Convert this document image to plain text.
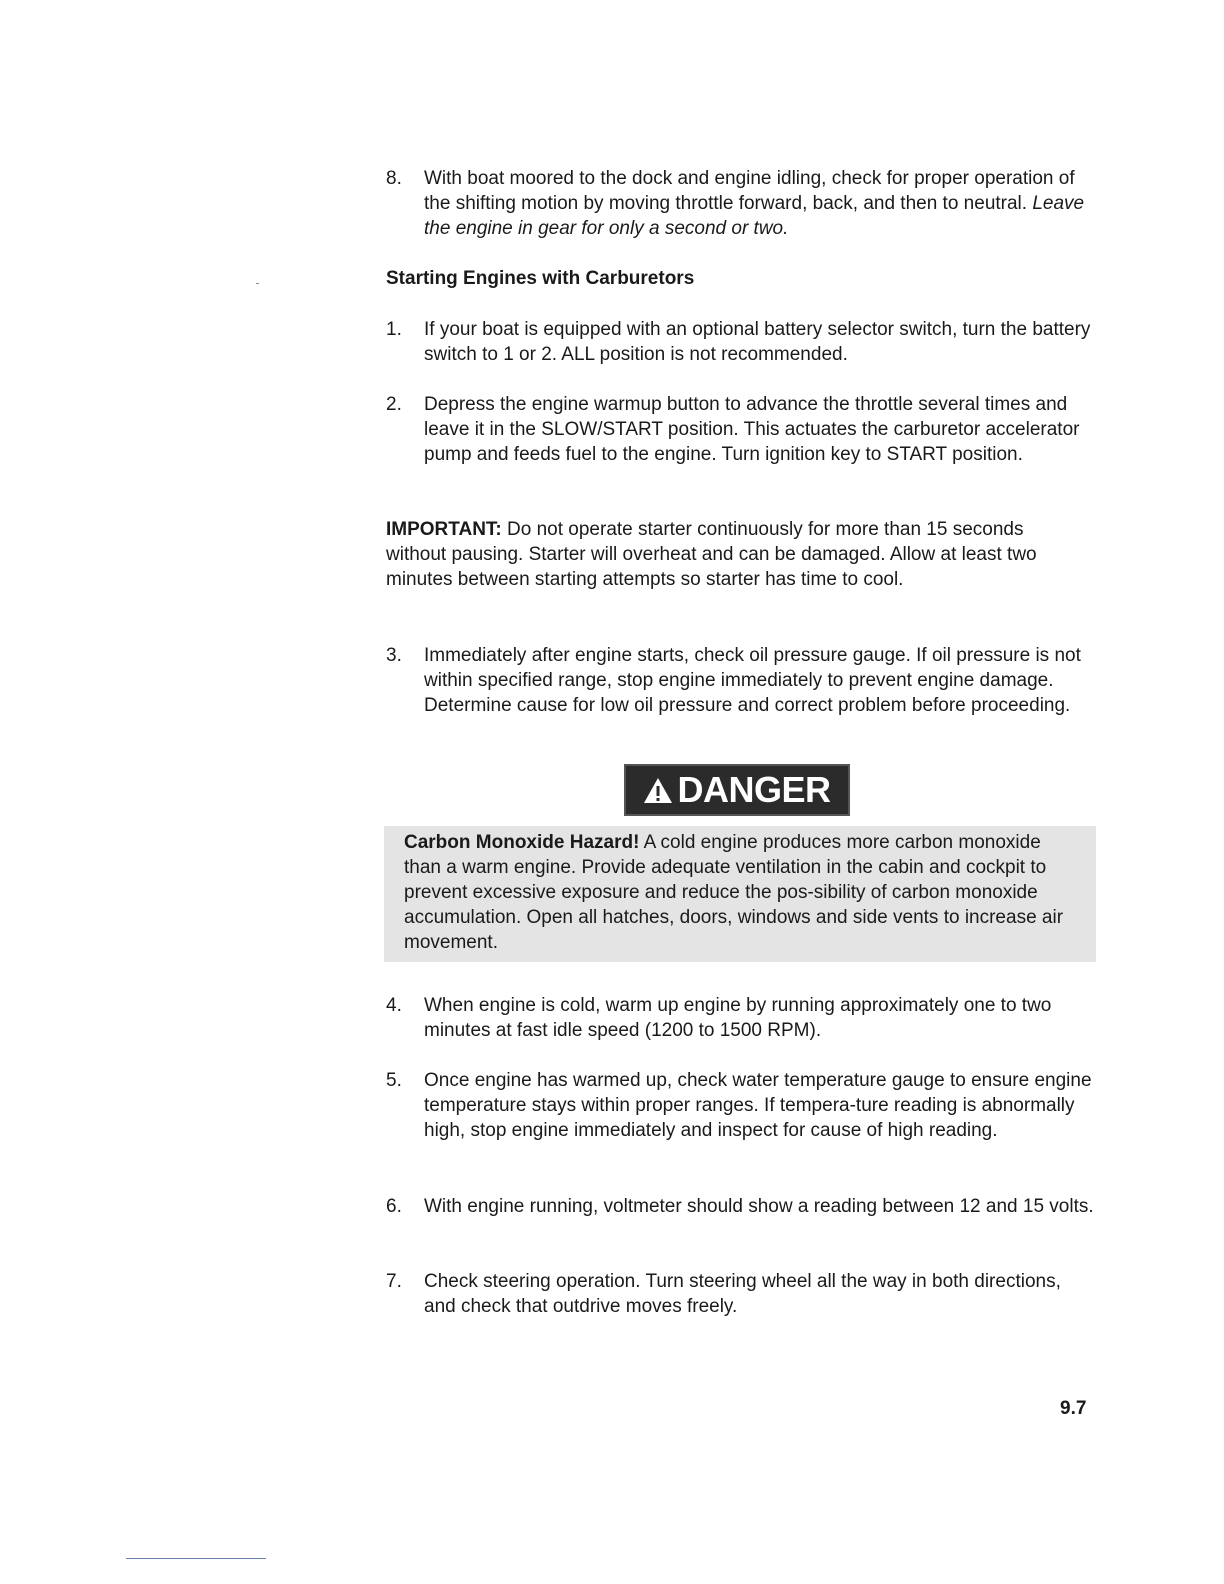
8.	With boat moored to the dock and engine idling, check for proper operation of the shifting motion by moving throttle forward, back, and then to neutral. Leave the engine in gear for only a second or two.
Starting Engines with Carburetors
1.	If your boat is equipped with an optional battery selector switch, turn the battery switch to 1 or 2. ALL position is not recommended.
2.	Depress the engine warmup button to advance the throttle several times and leave it in the SLOW/START position. This actuates the carburetor accelerator pump and feeds fuel to the engine. Turn ignition key to START position.
IMPORTANT: Do not operate starter continuously for more than 15 seconds without pausing. Starter will overheat and can be damaged. Allow at least two minutes between starting attempts so starter has time to cool.
3.	Immediately after engine starts, check oil pressure gauge. If oil pressure is not within specified range, stop engine immediately to prevent engine damage. Determine cause for low oil pressure and correct problem before proceeding.
DANGER
Carbon Monoxide Hazard! A cold engine produces more carbon monoxide than a warm engine. Provide adequate ventilation in the cabin and cockpit to prevent excessive exposure and reduce the pos-sibility of carbon monoxide accumulation. Open all hatches, doors, windows and side vents to increase air movement.
4.	When engine is cold, warm up engine by running approximately one to two minutes at fast idle speed (1200 to 1500 RPM).
5.	Once engine has warmed up, check water temperature gauge to ensure engine temperature stays within proper ranges. If tempera-ture reading is abnormally high, stop engine immediately and inspect for cause of high reading.
6.	With engine running, voltmeter should show a reading between 12 and 15 volts.
7.	Check steering operation. Turn steering wheel all the way in both directions, and check that outdrive moves freely.
9.7
